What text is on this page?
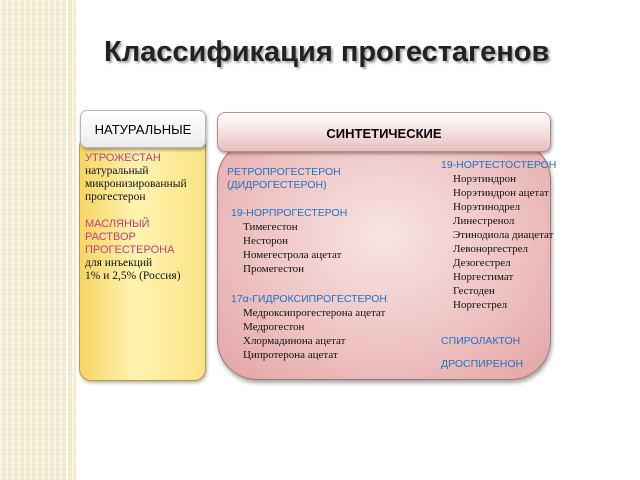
Классификация прогестагенов
НАТУРАЛЬНЫЕ
УТРОЖЕСТАН
натуральный
микронизированный
прогестерон
МАСЛЯНЫЙ РАСТВОР ПРОГЕСТЕРОНА
для инъекций
1% и 2,5% (Россия)
СИНТЕТИЧЕСКИЕ
РЕТРОПРОГЕСТЕРОН (ДИДРОГЕСТЕРОН)
19-НОРПРОГЕСТЕРОН
Тимегестон
Несторон
Номегестрола ацетат
Промегестон
17α-ГИДРОКСИПРОГЕСТЕРОН
Медроксипрогестерона ацетат
Медрогестон
Хлормадинона ацетат
Ципротерона ацетат
19-НОРТЕСТОСТЕРОН
Норэтиндрон
Норэтиндрон ацетат
Норэтинодрел
Линестренол
Этинодиола диацетат
Левоноргестрел
Дезогестрел
Норгестимат
Гестоден
Норгестрел
СПИРОЛАКТОН
ДРОСПИРЕНОН
